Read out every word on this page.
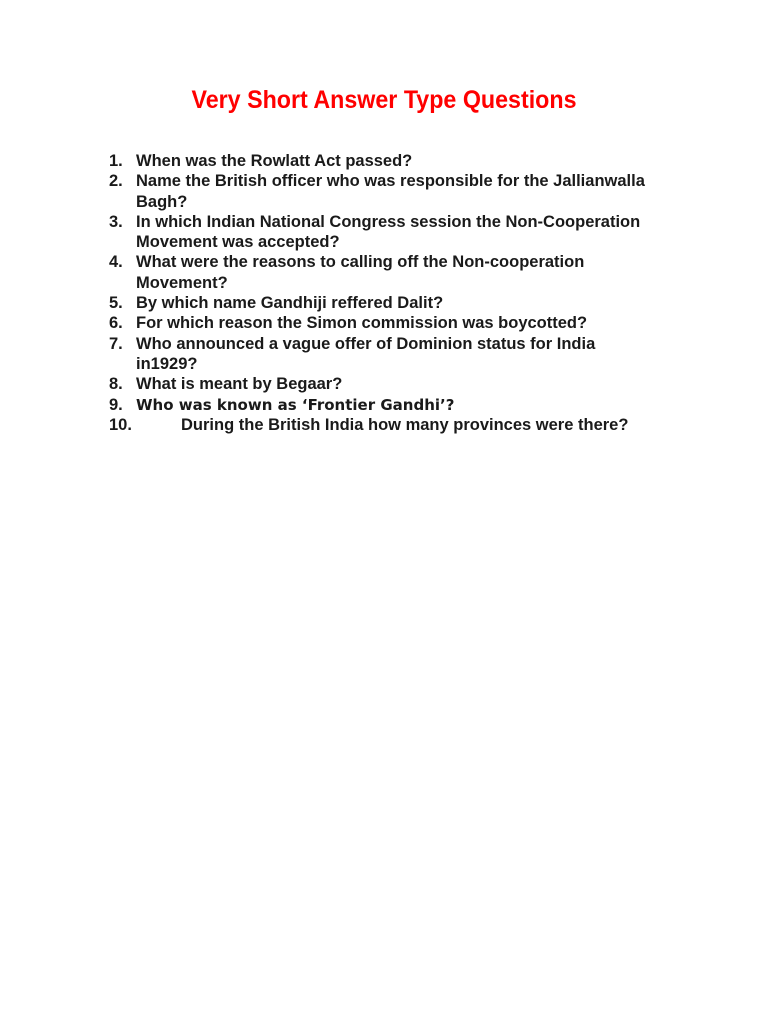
Very Short Answer Type Questions
1. When was the Rowlatt Act passed?
2. Name the British officer who was responsible for the Jallianwalla Bagh?
3. In which Indian National Congress session the Non-Cooperation Movement was accepted?
4. What were the reasons to calling off the Non-cooperation Movement?
5. By which name Gandhiji reffered Dalit?
6. For which reason the Simon commission was boycotted?
7. Who announced a vague offer of Dominion status for India in1929?
8. What is meant by Begaar?
9. Who was known as ‘Frontier Gandhi’?
10.	During the British India how many provinces were there?
